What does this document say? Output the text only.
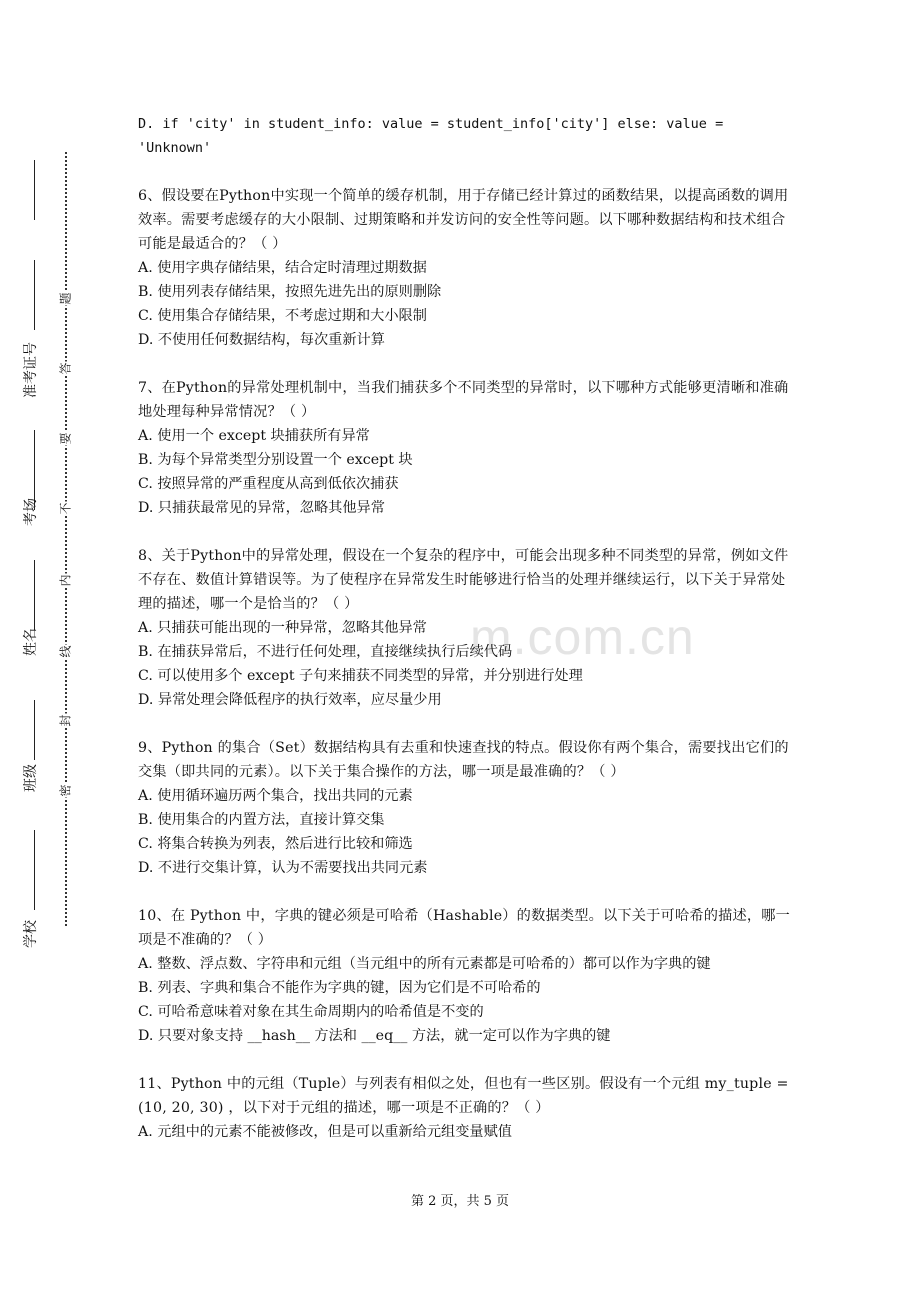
准考证号
考场
姓名
班级
学校
题
答
要
不
内
线
封
密
m.com.cn

D. if 'city' in student_info: value = student_info['city'] else: value = 'Unknown'

6、假设要在Python中实现一个简单的缓存机制，用于存储已经计算过的函数结果，以提高函数的调用效率。需要考虑缓存的大小限制、过期策略和并发访问的安全性等问题。以下哪种数据结构和技术组合可能是最适合的？（ ）

A. 使用字典存储结果，结合定时清理过期数据

B. 使用列表存储结果，按照先进先出的原则删除

C. 使用集合存储结果，不考虑过期和大小限制

D. 不使用任何数据结构，每次重新计算

7、在Python的异常处理机制中，当我们捕获多个不同类型的异常时，以下哪种方式能够更清晰和准确地处理每种异常情况？（ ）

A. 使用一个 except 块捕获所有异常

B. 为每个异常类型分别设置一个 except 块

C. 按照异常的严重程度从高到低依次捕获

D. 只捕获最常见的异常，忽略其他异常

8、关于Python中的异常处理，假设在一个复杂的程序中，可能会出现多种不同类型的异常，例如文件不存在、数值计算错误等。为了使程序在异常发生时能够进行恰当的处理并继续运行，以下关于异常处理的描述，哪一个是恰当的？（ ）

A. 只捕获可能出现的一种异常，忽略其他异常

B. 在捕获异常后，不进行任何处理，直接继续执行后续代码

C. 可以使用多个 except 子句来捕获不同类型的异常，并分别进行处理

D. 异常处理会降低程序的执行效率，应尽量少用

9、Python 的集合（Set）数据结构具有去重和快速查找的特点。假设你有两个集合，需要找出它们的交集（即共同的元素）。以下关于集合操作的方法，哪一项是最准确的？（ ）

A. 使用循环遍历两个集合，找出共同的元素

B. 使用集合的内置方法，直接计算交集

C. 将集合转换为列表，然后进行比较和筛选

D. 不进行交集计算，认为不需要找出共同元素

10、在 Python 中，字典的键必须是可哈希（Hashable）的数据类型。以下关于可哈希的描述，哪一项是不准确的？（ ）

A. 整数、浮点数、字符串和元组（当元组中的所有元素都是可哈希的）都可以作为字典的键

B. 列表、字典和集合不能作为字典的键，因为它们是不可哈希的

C. 可哈希意味着对象在其生命周期内的哈希值是不变的

D. 只要对象支持 __hash__ 方法和 __eq__ 方法，就一定可以作为字典的键

11、Python 中的元组（Tuple）与列表有相似之处，但也有一些区别。假设有一个元组 my_tuple = (10, 20, 30) ，以下对于元组的描述，哪一项是不正确的？（ ）

A. 元组中的元素不能被修改，但是可以重新给元组变量赋值

第 2 页，共 5 页
